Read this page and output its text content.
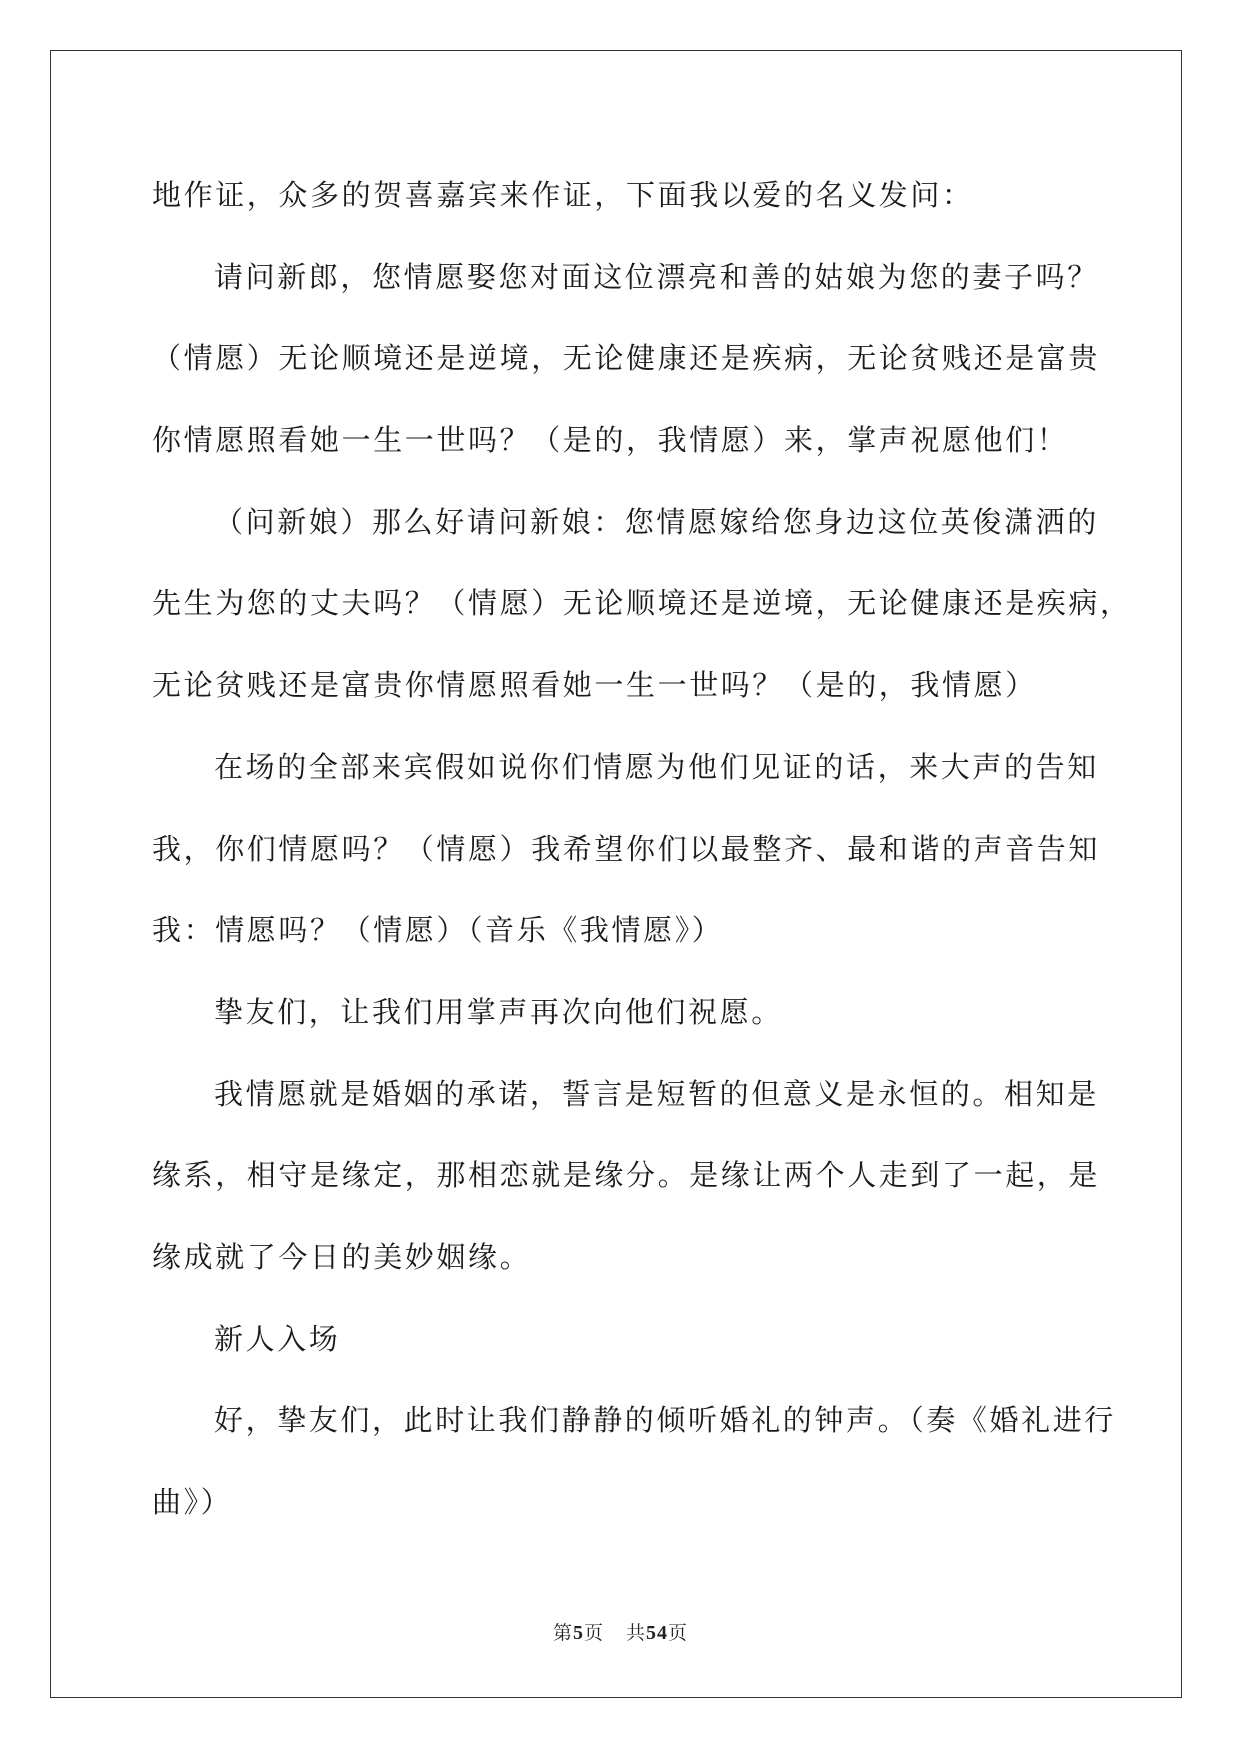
地作证，众多的贺喜嘉宾来作证，下面我以爱的名义发问：
请问新郎，您情愿娶您对面这位漂亮和善的姑娘为您的妻子吗？
（情愿）无论顺境还是逆境，无论健康还是疾病，无论贫贱还是富贵
你情愿照看她一生一世吗？（是的，我情愿）来，掌声祝愿他们！
（问新娘）那么好请问新娘：您情愿嫁给您身边这位英俊潇洒的
先生为您的丈夫吗？（情愿）无论顺境还是逆境，无论健康还是疾病，
无论贫贱还是富贵你情愿照看她一生一世吗？（是的，我情愿）
在场的全部来宾假如说你们情愿为他们见证的话，来大声的告知
我，你们情愿吗？（情愿）我希望你们以最整齐、最和谐的声音告知
我：情愿吗？（情愿）（音乐《我情愿》）
挚友们，让我们用掌声再次向他们祝愿。
我情愿就是婚姻的承诺，誓言是短暂的但意义是永恒的。相知是
缘系，相守是缘定，那相恋就是缘分。是缘让两个人走到了一起，是
缘成就了今日的美妙姻缘。
新人入场
好，挚友们，此时让我们静静的倾听婚礼的钟声。（奏《婚礼进行
曲》）
第5页 共54页
